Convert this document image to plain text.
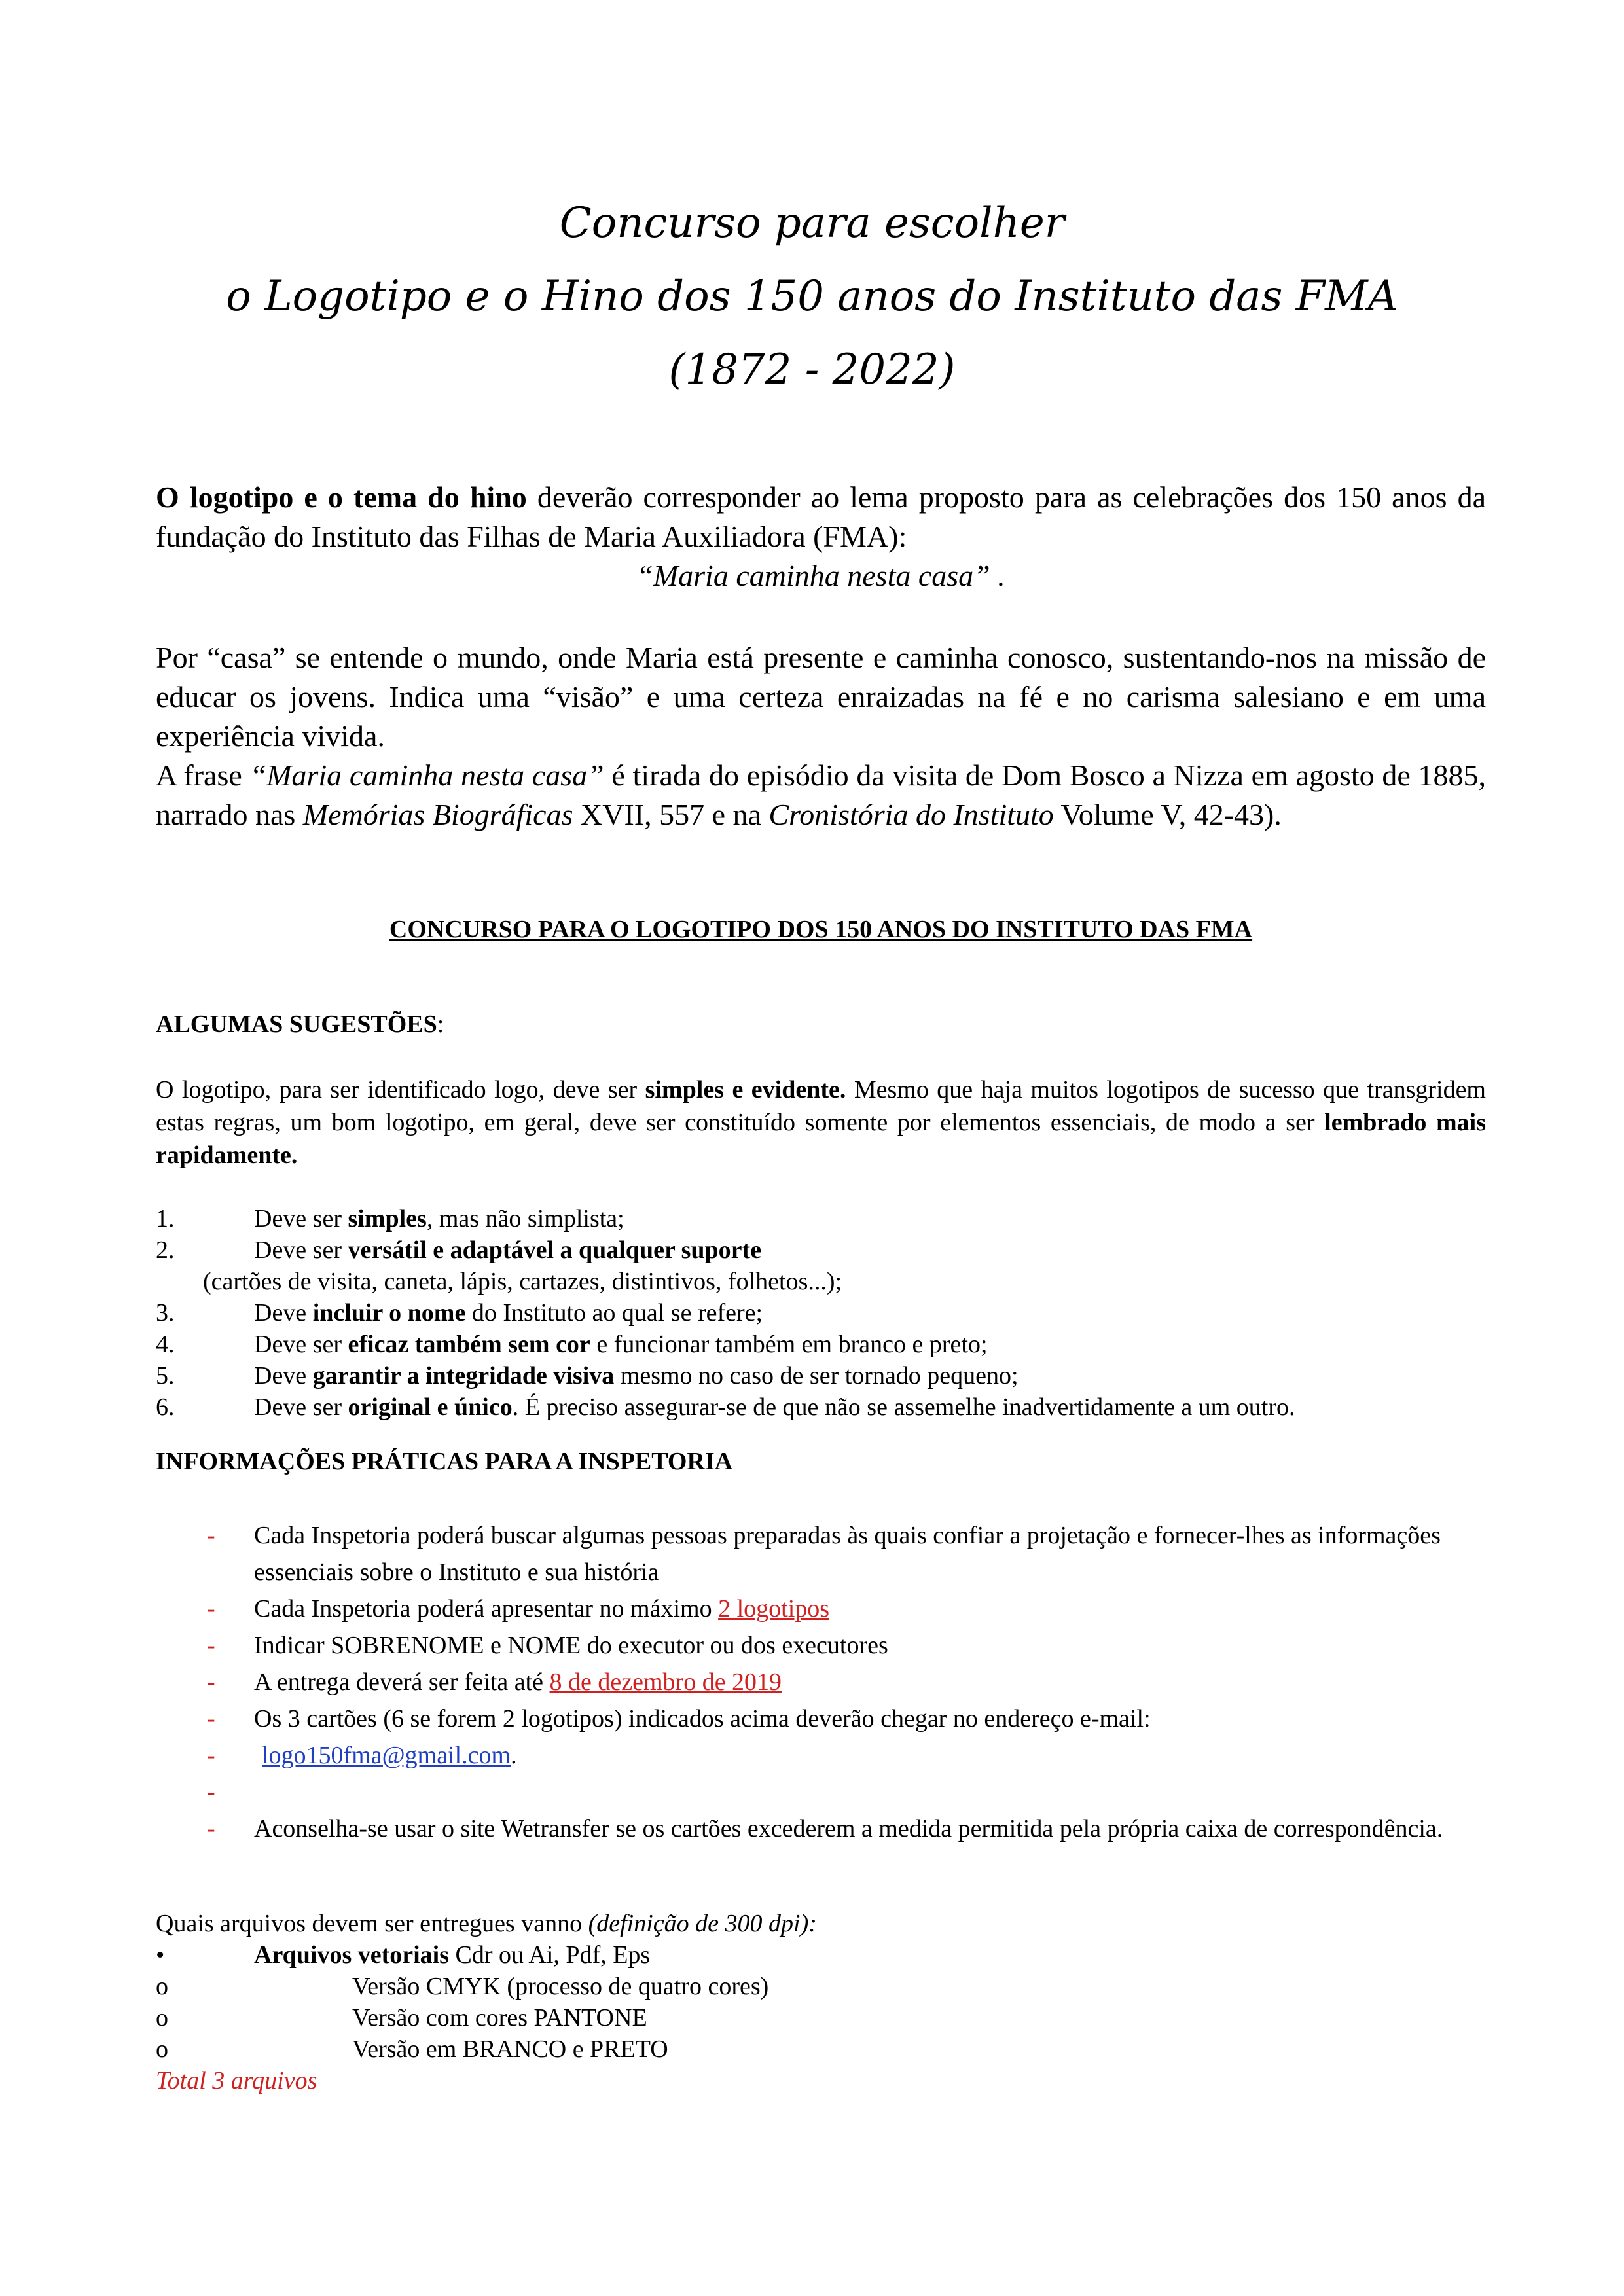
Concurso para escolher
o Logotipo e o Hino dos 150 anos do Instituto das FMA
(1872 - 2022)

O logotipo e o tema do hino deverão corresponder ao lema proposto para as celebrações dos 150 anos da fundação do Instituto das Filhas de Maria Auxiliadora (FMA):

“Maria caminha nesta casa” .

Por “casa” se entende o mundo, onde Maria está presente e caminha conosco, sustentando-nos na missão de educar os jovens. Indica uma “visão” e uma certeza enraizadas na fé e no carisma salesiano e em uma experiência vivida.

A frase “Maria caminha nesta casa” é tirada do episódio da visita de Dom Bosco a Nizza em agosto de 1885, narrado nas Memórias Biográficas XVII, 557 e na Cronistória do Instituto Volume V, 42-43).

CONCURSO PARA O LOGOTIPO DOS 150 ANOS DO INSTITUTO DAS FMA
ALGUMAS SUGESTÕES:

O logotipo, para ser identificado logo, deve ser simples e evidente. Mesmo que haja muitos logotipos de sucesso que transgridem estas regras, um bom logotipo, em geral, deve ser constituído somente por elementos essenciais, de modo a ser lembrado mais rapidamente.

1.	Deve ser simples, mas não simplista;
2.	Deve ser versátil e adaptável a qualquer suporte
(cartões de visita, caneta, lápis, cartazes, distintivos, folhetos...);
3.	Deve incluir o nome do Instituto ao qual se refere;
4.	Deve ser eficaz também sem cor e funcionar também em branco e preto;
5.	Deve garantir a integridade visiva mesmo no caso de ser tornado pequeno;
6.	Deve ser original e único. É preciso assegurar-se de que não se assemelhe inadvertidamente a um outro.
INFORMAÇÕES PRÁTICAS PARA A INSPETORIA
- Cada Inspetoria poderá buscar algumas pessoas preparadas às quais confiar a projetação e fornecer-lhes as informações essenciais sobre o Instituto e sua história
- Cada Inspetoria poderá apresentar no máximo 2 logotipos
- Indicar SOBRENOME e NOME do executor ou dos executores
- A entrega deverá ser feita até 8 de dezembro de 2019
- Os 3 cartões (6 se forem 2 logotipos) indicados acima deverão chegar no endereço e-mail:
- logo150fma@gmail.com.
-

- Aconselha-se usar o site Wetransfer se os cartões excederem a medida permitida pela própria caixa de correspondência.
Quais arquivos devem ser entregues vanno (definição de 300 dpi):
•	Arquivos vetoriais Cdr ou Ai, Pdf, Eps
o	Versão CMYK (processo de quatro cores)
o	Versão com cores PANTONE
o	Versão em BRANCO e PRETO
Total 3 arquivos
